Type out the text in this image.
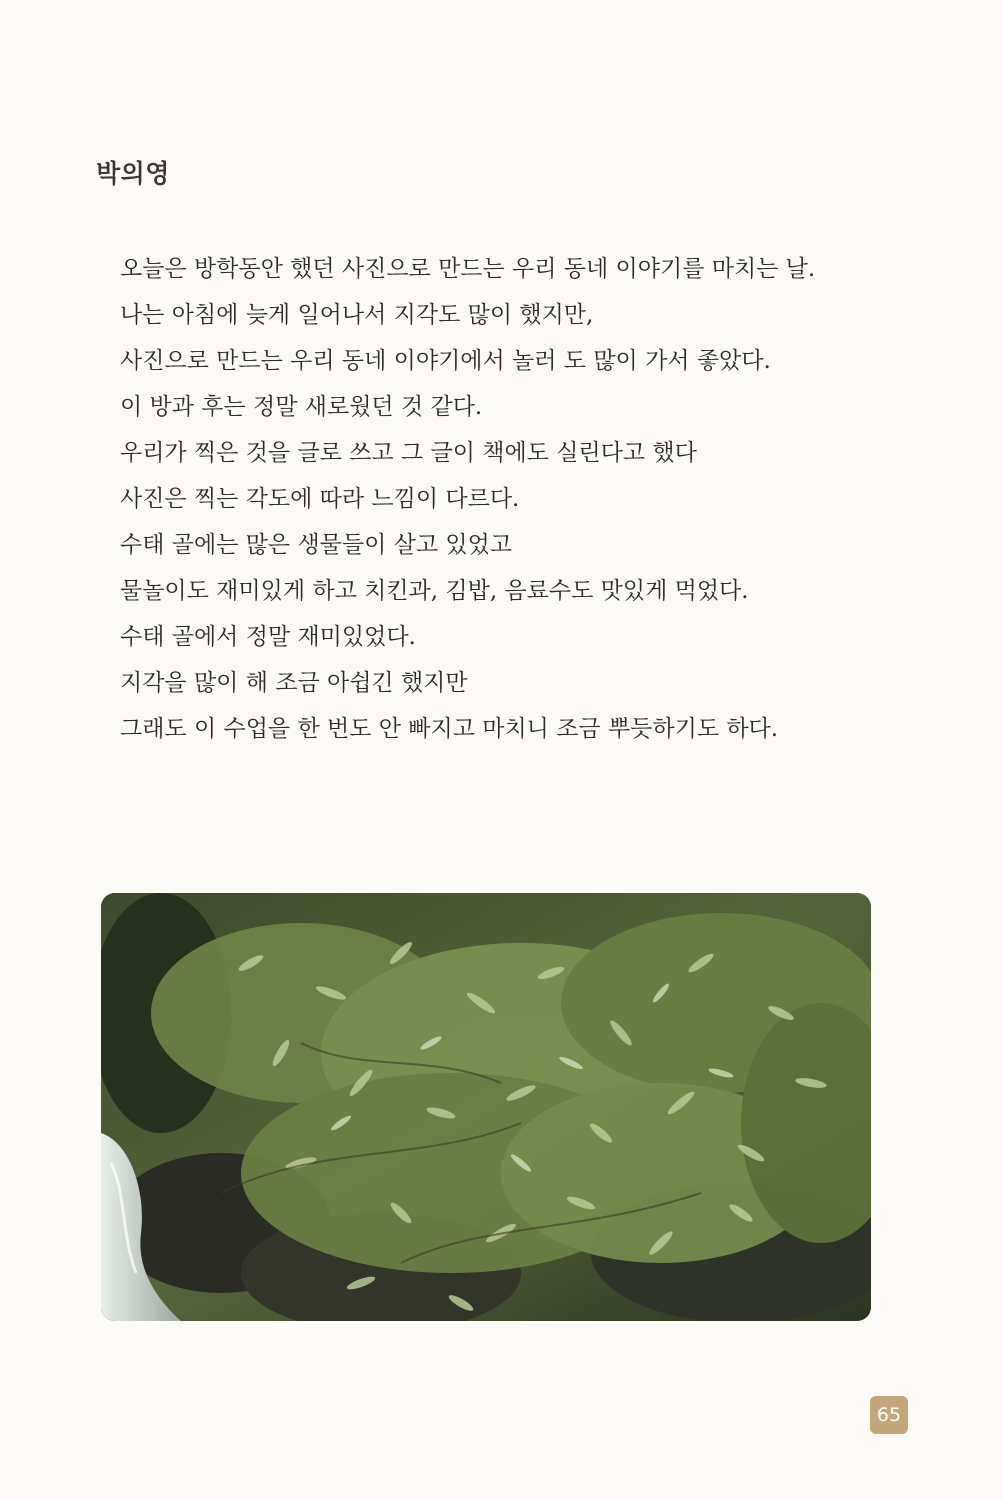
박의영
오늘은 방학동안 했던 사진으로 만드는 우리 동네 이야기를 마치는 날.
나는 아침에 늦게 일어나서 지각도 많이 했지만,
사진으로 만드는 우리 동네 이야기에서 놀러 도 많이 가서 좋았다.
이 방과 후는 정말 새로웠던 것 같다.
우리가 찍은 것을 글로 쓰고 그 글이 책에도 실린다고 했다
사진은 찍는 각도에 따라 느낌이 다르다.
수태 골에는 많은 생물들이 살고 있었고
물놀이도 재미있게 하고 치킨과, 김밥, 음료수도 맛있게 먹었다.
수태 골에서 정말 재미있었다.
지각을 많이 해 조금 아쉽긴 했지만
그래도 이 수업을 한 번도 안 빠지고 마치니 조금 뿌듯하기도 하다.
65
